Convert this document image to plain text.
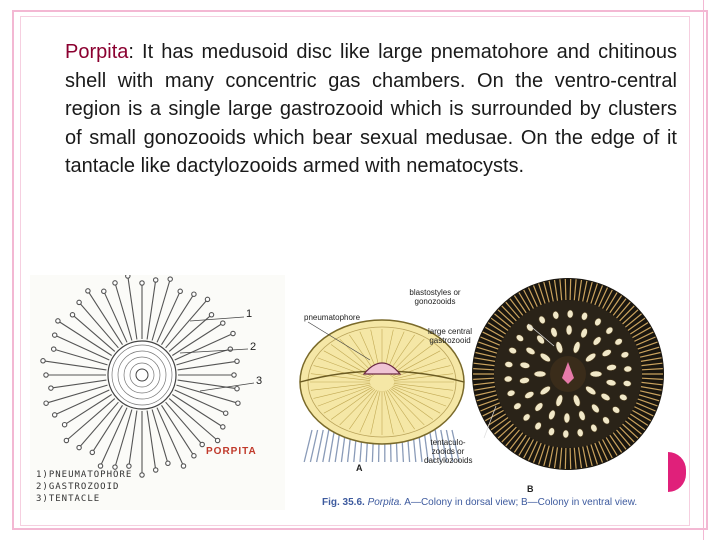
Porpita: It has medusoid disc like large pnematohore and chitinous shell with many concentric gas chambers. On the ventro-central region is a single large gastrozooid which is surrounded by clusters of small gonozooids which bear sexual medusae. On the edge of it tantacle like dactylozooids armed with nematocysts.

1
2
3
PORPITA
1)PNEUMATOPHORE
2)GASTROZOOID
3)TENTACLE
pneumatophore
A
blastostyles or gonozooids
large central gastrozooid
tentaculo-zooids or dactylozooids
B
Fig. 35.6. Porpita. A—Colony in dorsal view; B—Colony in ventral view.
